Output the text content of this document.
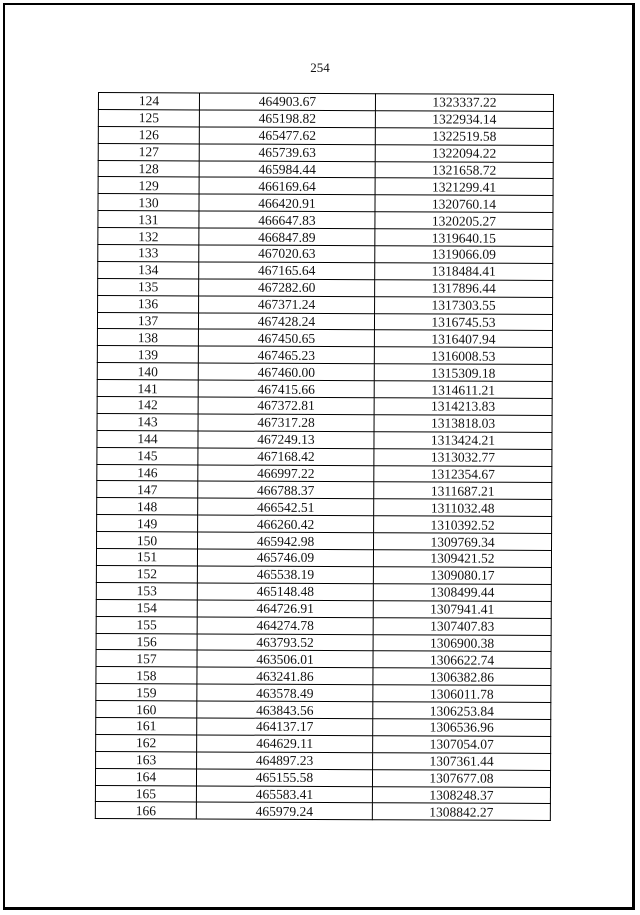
254
124	464903.67	1323337.22
125	465198.82	1322934.14
126	465477.62	1322519.58
127	465739.63	1322094.22
128	465984.44	1321658.72
129	466169.64	1321299.41
130	466420.91	1320760.14
131	466647.83	1320205.27
132	466847.89	1319640.15
133	467020.63	1319066.09
134	467165.64	1318484.41
135	467282.60	1317896.44
136	467371.24	1317303.55
137	467428.24	1316745.53
138	467450.65	1316407.94
139	467465.23	1316008.53
140	467460.00	1315309.18
141	467415.66	1314611.21
142	467372.81	1314213.83
143	467317.28	1313818.03
144	467249.13	1313424.21
145	467168.42	1313032.77
146	466997.22	1312354.67
147	466788.37	1311687.21
148	466542.51	1311032.48
149	466260.42	1310392.52
150	465942.98	1309769.34
151	465746.09	1309421.52
152	465538.19	1309080.17
153	465148.48	1308499.44
154	464726.91	1307941.41
155	464274.78	1307407.83
156	463793.52	1306900.38
157	463506.01	1306622.74
158	463241.86	1306382.86
159	463578.49	1306011.78
160	463843.56	1306253.84
161	464137.17	1306536.96
162	464629.11	1307054.07
163	464897.23	1307361.44
164	465155.58	1307677.08
165	465583.41	1308248.37
166	465979.24	1308842.27
